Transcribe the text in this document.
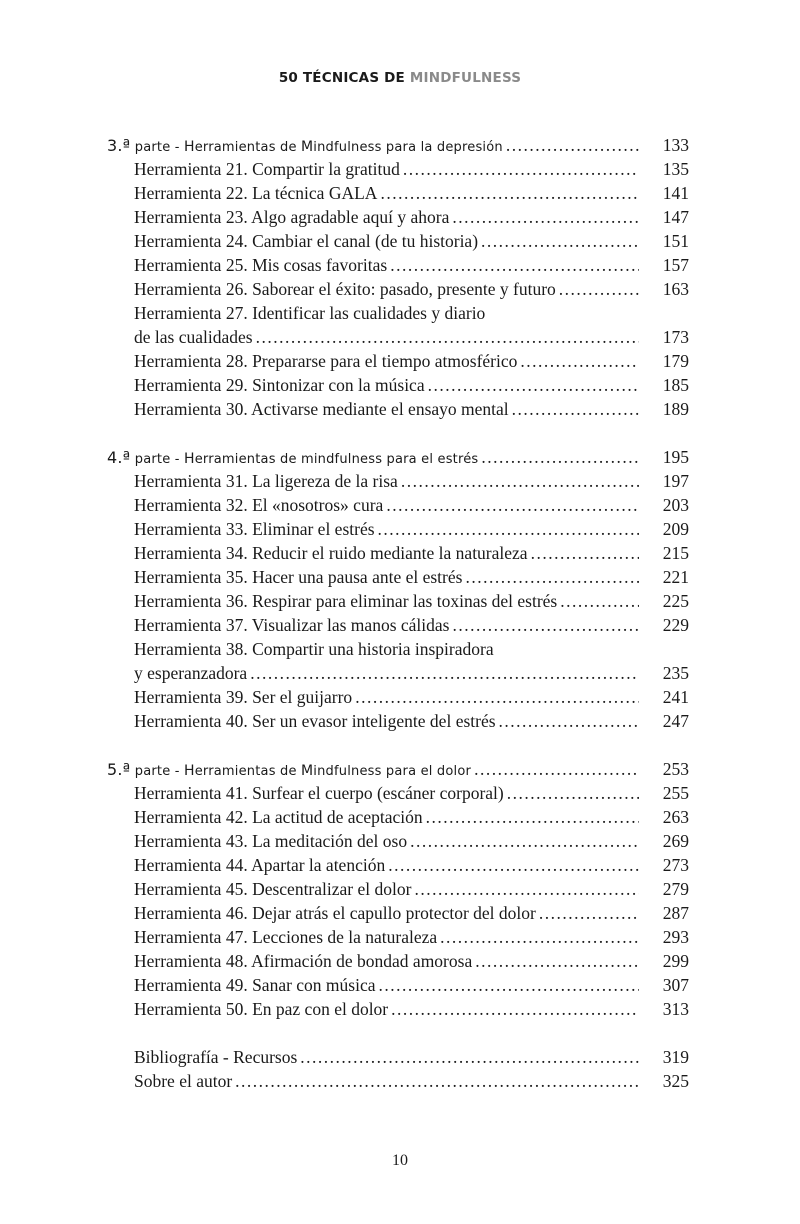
50 TÉCNICAS DE MINDFULNESS
3.ª parte - Herramientas de Mindfulness para la depresión .....	133
Herramienta 21. Compartir la gratitud .....	135
Herramienta 22. La técnica GALA .....	141
Herramienta 23. Algo agradable aquí y ahora .....	147
Herramienta 24. Cambiar el canal (de tu historia) .....	151
Herramienta 25. Mis cosas favoritas .....	157
Herramienta 26. Saborear el éxito: pasado, presente y futuro .....	163
Herramienta 27. Identificar las cualidades y diario
de las cualidades .....	173
Herramienta 28. Prepararse para el tiempo atmosférico .....	179
Herramienta 29. Sintonizar con la música .....	185
Herramienta 30. Activarse mediante el ensayo mental .....	189
4.ª parte - Herramientas de mindfulness para el estrés .....	195
Herramienta 31. La ligereza de la risa .....	197
Herramienta 32. El «nosotros» cura .....	203
Herramienta 33. Eliminar el estrés .....	209
Herramienta 34. Reducir el ruido mediante la naturaleza .....	215
Herramienta 35. Hacer una pausa ante el estrés .....	221
Herramienta 36. Respirar para eliminar las toxinas del estrés .....	225
Herramienta 37. Visualizar las manos cálidas .....	229
Herramienta 38. Compartir una historia inspiradora
y esperanzadora .....	235
Herramienta 39. Ser el guijarro .....	241
Herramienta 40. Ser un evasor inteligente del estrés .....	247
5.ª parte - Herramientas de Mindfulness para el dolor .....	253
Herramienta 41. Surfear el cuerpo (escáner corporal) .....	255
Herramienta 42. La actitud de aceptación .....	263
Herramienta 43. La meditación del oso .....	269
Herramienta 44. Apartar la atención .....	273
Herramienta 45. Descentralizar el dolor .....	279
Herramienta 46. Dejar atrás el capullo protector del dolor .....	287
Herramienta 47. Lecciones de la naturaleza .....	293
Herramienta 48. Afirmación de bondad amorosa .....	299
Herramienta 49. Sanar con música .....	307
Herramienta 50. En paz con el dolor .....	313
Bibliografía - Recursos .....	319
Sobre el autor .....	325
10
